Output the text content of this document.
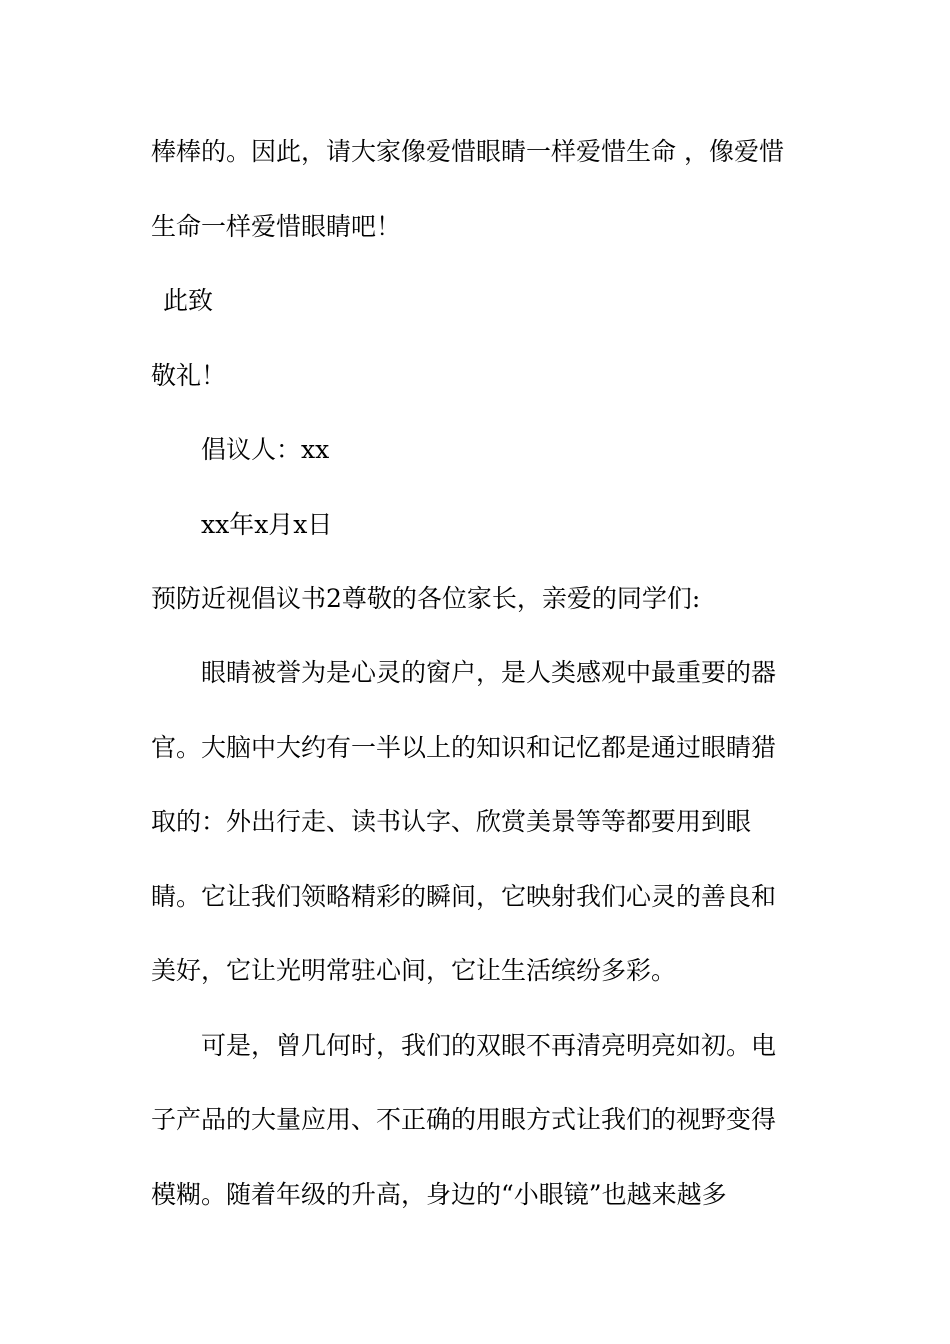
棒棒的。因此，请大家像爱惜眼睛一样爱惜生命 ，像爱惜
生命一样爱惜眼睛吧！
此致
敬礼！
倡议人：xx
xx年x月x日
预防近视倡议书2尊敬的各位家长，亲爱的同学们:
眼睛被誉为是心灵的窗户，是人类感观中最重要的器
官。大脑中大约有一半以上的知识和记忆都是通过眼睛猎
取的：外出行走、读书认字、欣赏美景等等都要用到眼
睛。它让我们领略精彩的瞬间，它映射我们心灵的善良和
美好，它让光明常驻心间，它让生活缤纷多彩。
可是，曾几何时，我们的双眼不再清亮明亮如初。电
子产品的大量应用、不正确的用眼方式让我们的视野变得
模糊。随着年级的升高，身边的“小眼镜”也越来越多
